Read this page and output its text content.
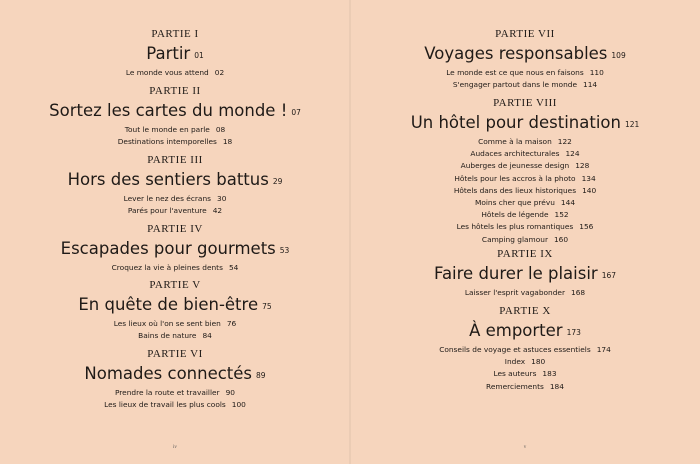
PARTIE I
Partir 01
Le monde vous attend 02
PARTIE II
Sortez les cartes du monde ! 07
Tout le monde en parle 08
Destinations intemporelles 18
PARTIE III
Hors des sentiers battus 29
Lever le nez des écrans 30
Parés pour l'aventure 42
PARTIE IV
Escapades pour gourmets 53
Croquez la vie à pleines dents 54
PARTIE V
En quête de bien-être 75
Les lieux où l'on se sent bien 76
Bains de nature 84
PARTIE VI
Nomades connectés 89
Prendre la route et travailler 90
Les lieux de travail les plus cools 100
iv
PARTIE VII
Voyages responsables 109
Le monde est ce que nous en faisons 110
S'engager partout dans le monde 114
PARTIE VIII
Un hôtel pour destination 121
Comme à la maison 122
Audaces architecturales 124
Auberges de jeunesse design 128
Hôtels pour les accros à la photo 134
Hôtels dans des lieux historiques 140
Moins cher que prévu 144
Hôtels de légende 152
Les hôtels les plus romantiques 156
Camping glamour 160
PARTIE IX
Faire durer le plaisir 167
Laisser l'esprit vagabonder 168
PARTIE X
À emporter 173
Conseils de voyage et astuces essentiels 174
Index 180
Les auteurs 183
Remerciements 184
v
